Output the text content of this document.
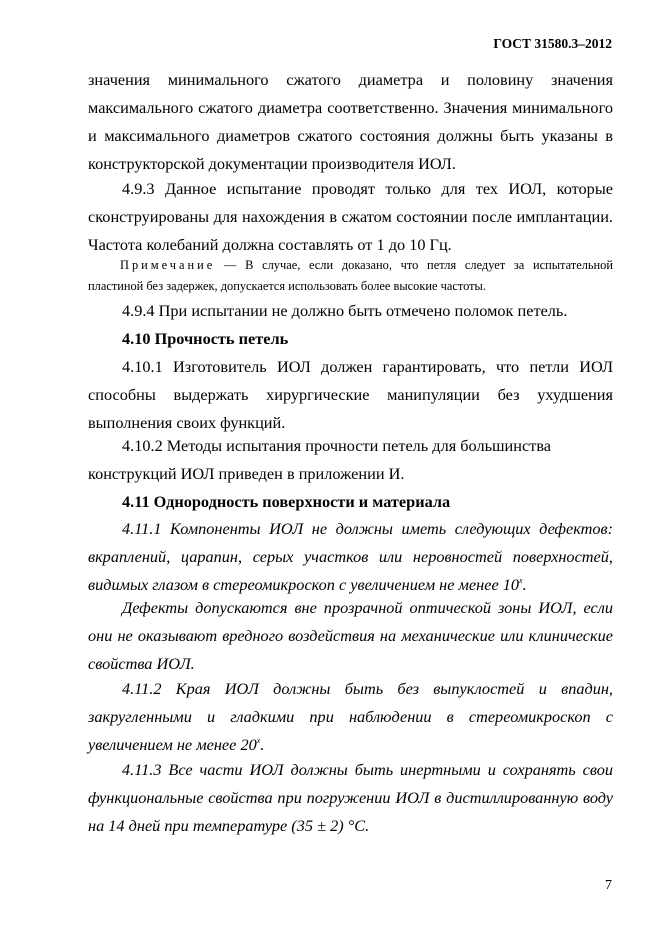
ГОСТ 31580.3–2012

значения минимального сжатого диаметра и половину значения максимального сжатого диаметра соответственно. Значения минимального и максимального диаметров сжатого состояния должны быть указаны в конструкторской документации производителя ИОЛ.

4.9.3 Данное испытание проводят только для тех ИОЛ, которые сконструированы для нахождения в сжатом состоянии после имплантации. Частота колебаний должна составлять от 1 до 10 Гц.

Примечание — В случае, если доказано, что петля следует за испытательной пластиной без задержек, допускается использовать более высокие частоты.

4.9.4 При испытании не должно быть отмечено поломок петель.

4.10 Прочность петель

4.10.1 Изготовитель ИОЛ должен гарантировать, что петли ИОЛ способны выдержать хирургические манипуляции без ухудшения выполнения своих функций.

4.10.2 Методы испытания прочности петель для большинства

конструкций ИОЛ приведен в приложении И.

4.11 Однородность поверхности и материала

4.11.1 Компоненты ИОЛ не должны иметь следующих дефектов: вкраплений, царапин, серых участков или неровностей поверхностей, видимых глазом в стереомикроскоп с увеличением не менее 10$^x$.

Дефекты допускаются вне прозрачной оптической зоны ИОЛ, если они не оказывают вредного воздействия на механические или клинические свойства ИОЛ.

4.11.2 Края ИОЛ должны быть без выпуклостей и впадин, закругленными и гладкими при наблюдении в стереомикроскоп с увеличением не менее 20$^x$.

4.11.3 Все части ИОЛ должны быть инертными и сохранять свои функциональные свойства при погружении ИОЛ в дистиллированную воду на 14 дней при температуре (35 ± 2) °С.

7
